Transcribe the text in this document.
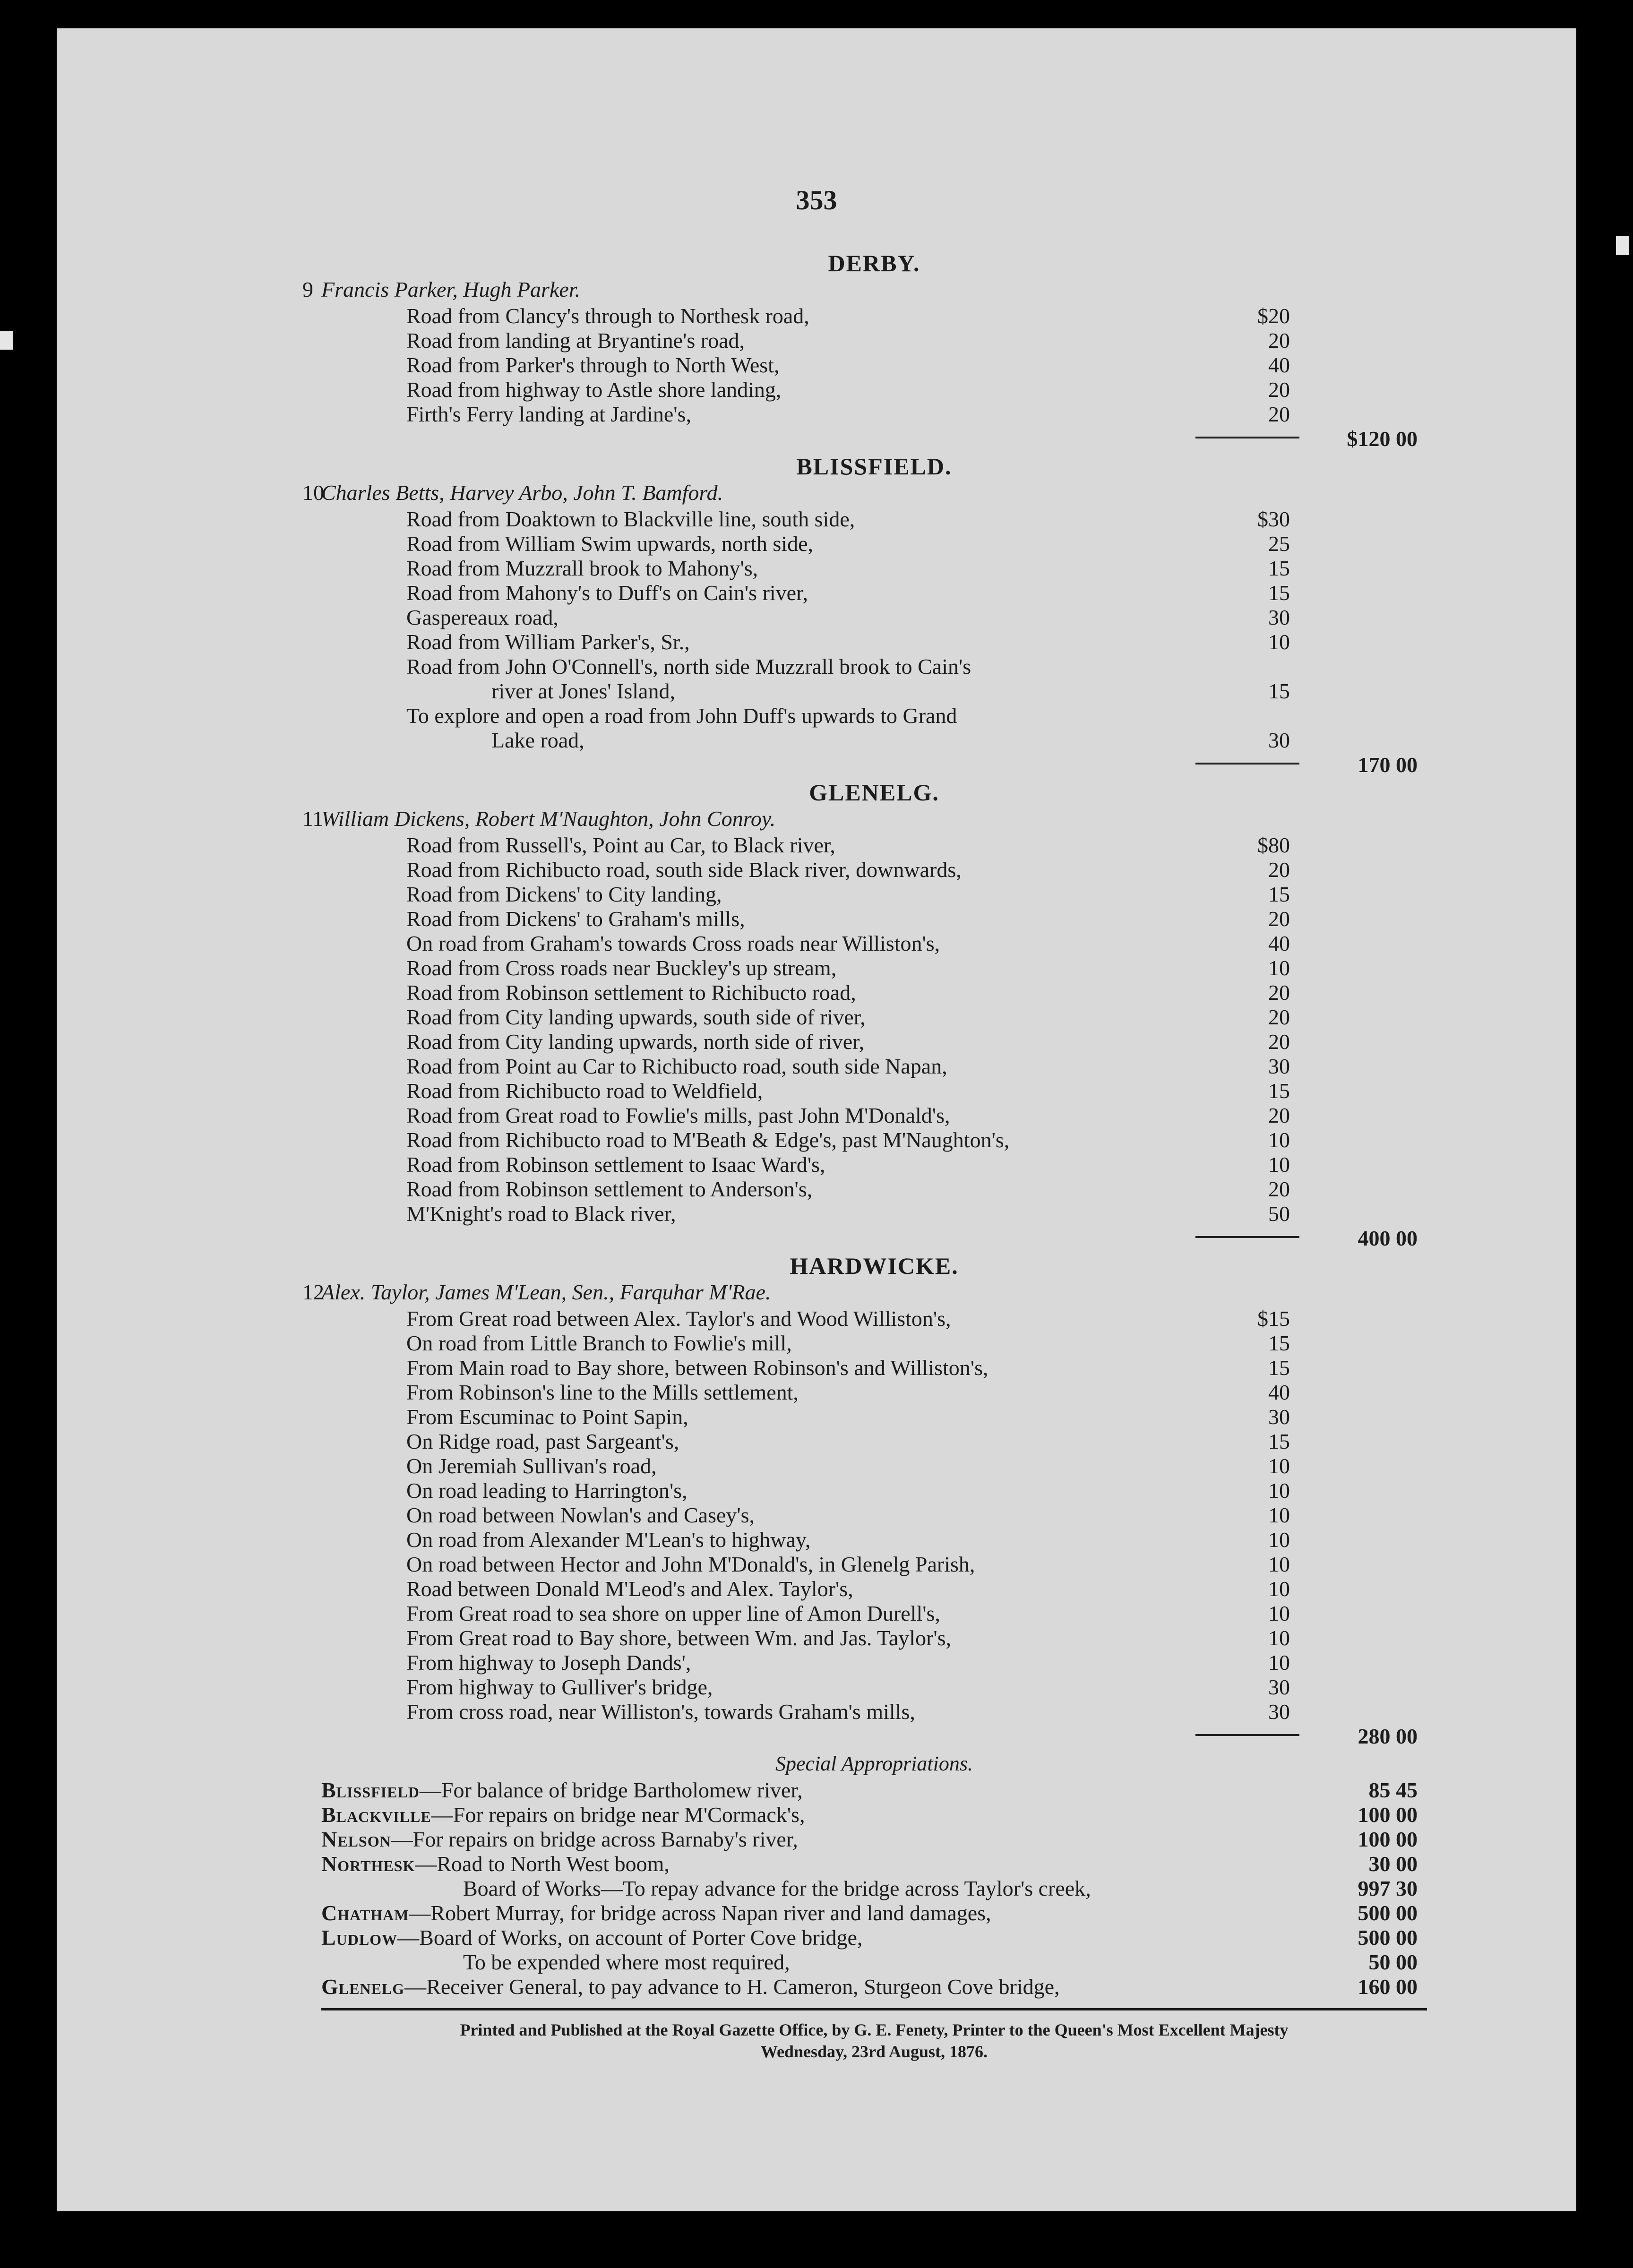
353
DERBY.
9 Francis Parker, Hugh Parker.
Road from Clancy's through to Northesk road,	$20
Road from landing at Bryantine's road,	20
Road from Parker's through to North West,	40
Road from highway to Astle shore landing,	20
Firth's Ferry landing at Jardine's,	20
$120 00
BLISSFIELD.
10
Charles Betts, Harvey Arbo, John T. Bamford.
Road from Doaktown to Blackville line, south side,	$30
Road from William Swim upwards, north side,	25
Road from Muzzrall brook to Mahony's,	15
Road from Mahony's to Duff's on Cain's river,	15
Gaspereaux road,	30
Road from William Parker's, Sr.,	10
Road from John O'Connell's, north side Muzzrall brook to Cain's
river at Jones' Island,	15
To explore and open a road from John Duff's upwards to Grand
Lake road,	30
170 00
GLENELG.
11
William Dickens, Robert M'Naughton, John Conroy.
Road from Russell's, Point au Car, to Black river,	$80
Road from Richibucto road, south side Black river, downwards,	20
Road from Dickens' to City landing,	15
Road from Dickens' to Graham's mills,	20
On road from Graham's towards Cross roads near Williston's,	40
Road from Cross roads near Buckley's up stream,	10
Road from Robinson settlement to Richibucto road,	20
Road from City landing upwards, south side of river,	20
Road from City landing upwards, north side of river,	20
Road from Point au Car to Richibucto road, south side Napan,	30
Road from Richibucto road to Weldfield,	15
Road from Great road to Fowlie's mills, past John M'Donald's,	20
Road from Richibucto road to M'Beath & Edge's, past M'Naughton's,	10
Road from Robinson settlement to Isaac Ward's,	10
Road from Robinson settlement to Anderson's,	20
M'Knight's road to Black river,	50
400 00
HARDWICKE.
12
Alex. Taylor, James M'Lean, Sen., Farquhar M'Rae.
From Great road between Alex. Taylor's and Wood Williston's,	$15
On road from Little Branch to Fowlie's mill,	15
From Main road to Bay shore, between Robinson's and Williston's,	15
From Robinson's line to the Mills settlement,	40
From Escuminac to Point Sapin,	30
On Ridge road, past Sargeant's,	15
On Jeremiah Sullivan's road,	10
On road leading to Harrington's,	10
On road between Nowlan's and Casey's,	10
On road from Alexander M'Lean's to highway,	10
On road between Hector and John M'Donald's, in Glenelg Parish,	10
Road between Donald M'Leod's and Alex. Taylor's,	10
From Great road to sea shore on upper line of Amon Durell's,	10
From Great road to Bay shore, between Wm. and Jas. Taylor's,	10
From highway to Joseph Dands',	10
From highway to Gulliver's bridge,	30
From cross road, near Williston's, towards Graham's mills,	30
280 00
Special Appropriations.
Blissfield—For balance of bridge Bartholomew river,	85 45
Blackville—For repairs on bridge near M'Cormack's,	100 00
Nelson—For repairs on bridge across Barnaby's river,	100 00
Northesk—Road to North West boom,	30 00
Board of Works—To repay advance for the bridge across Taylor's creek,	997 30
Chatham—Robert Murray, for bridge across Napan river and land damages,	500 00
Ludlow—Board of Works, on account of Porter Cove bridge,	500 00
To be expended where most required,	50 00
Glenelg—Receiver General, to pay advance to H. Cameron, Sturgeon Cove bridge,	160 00
Printed and Published at the Royal Gazette Office, by G. E. Fenety, Printer to the Queen's Most Excellent Majesty
Wednesday, 23rd August, 1876.
